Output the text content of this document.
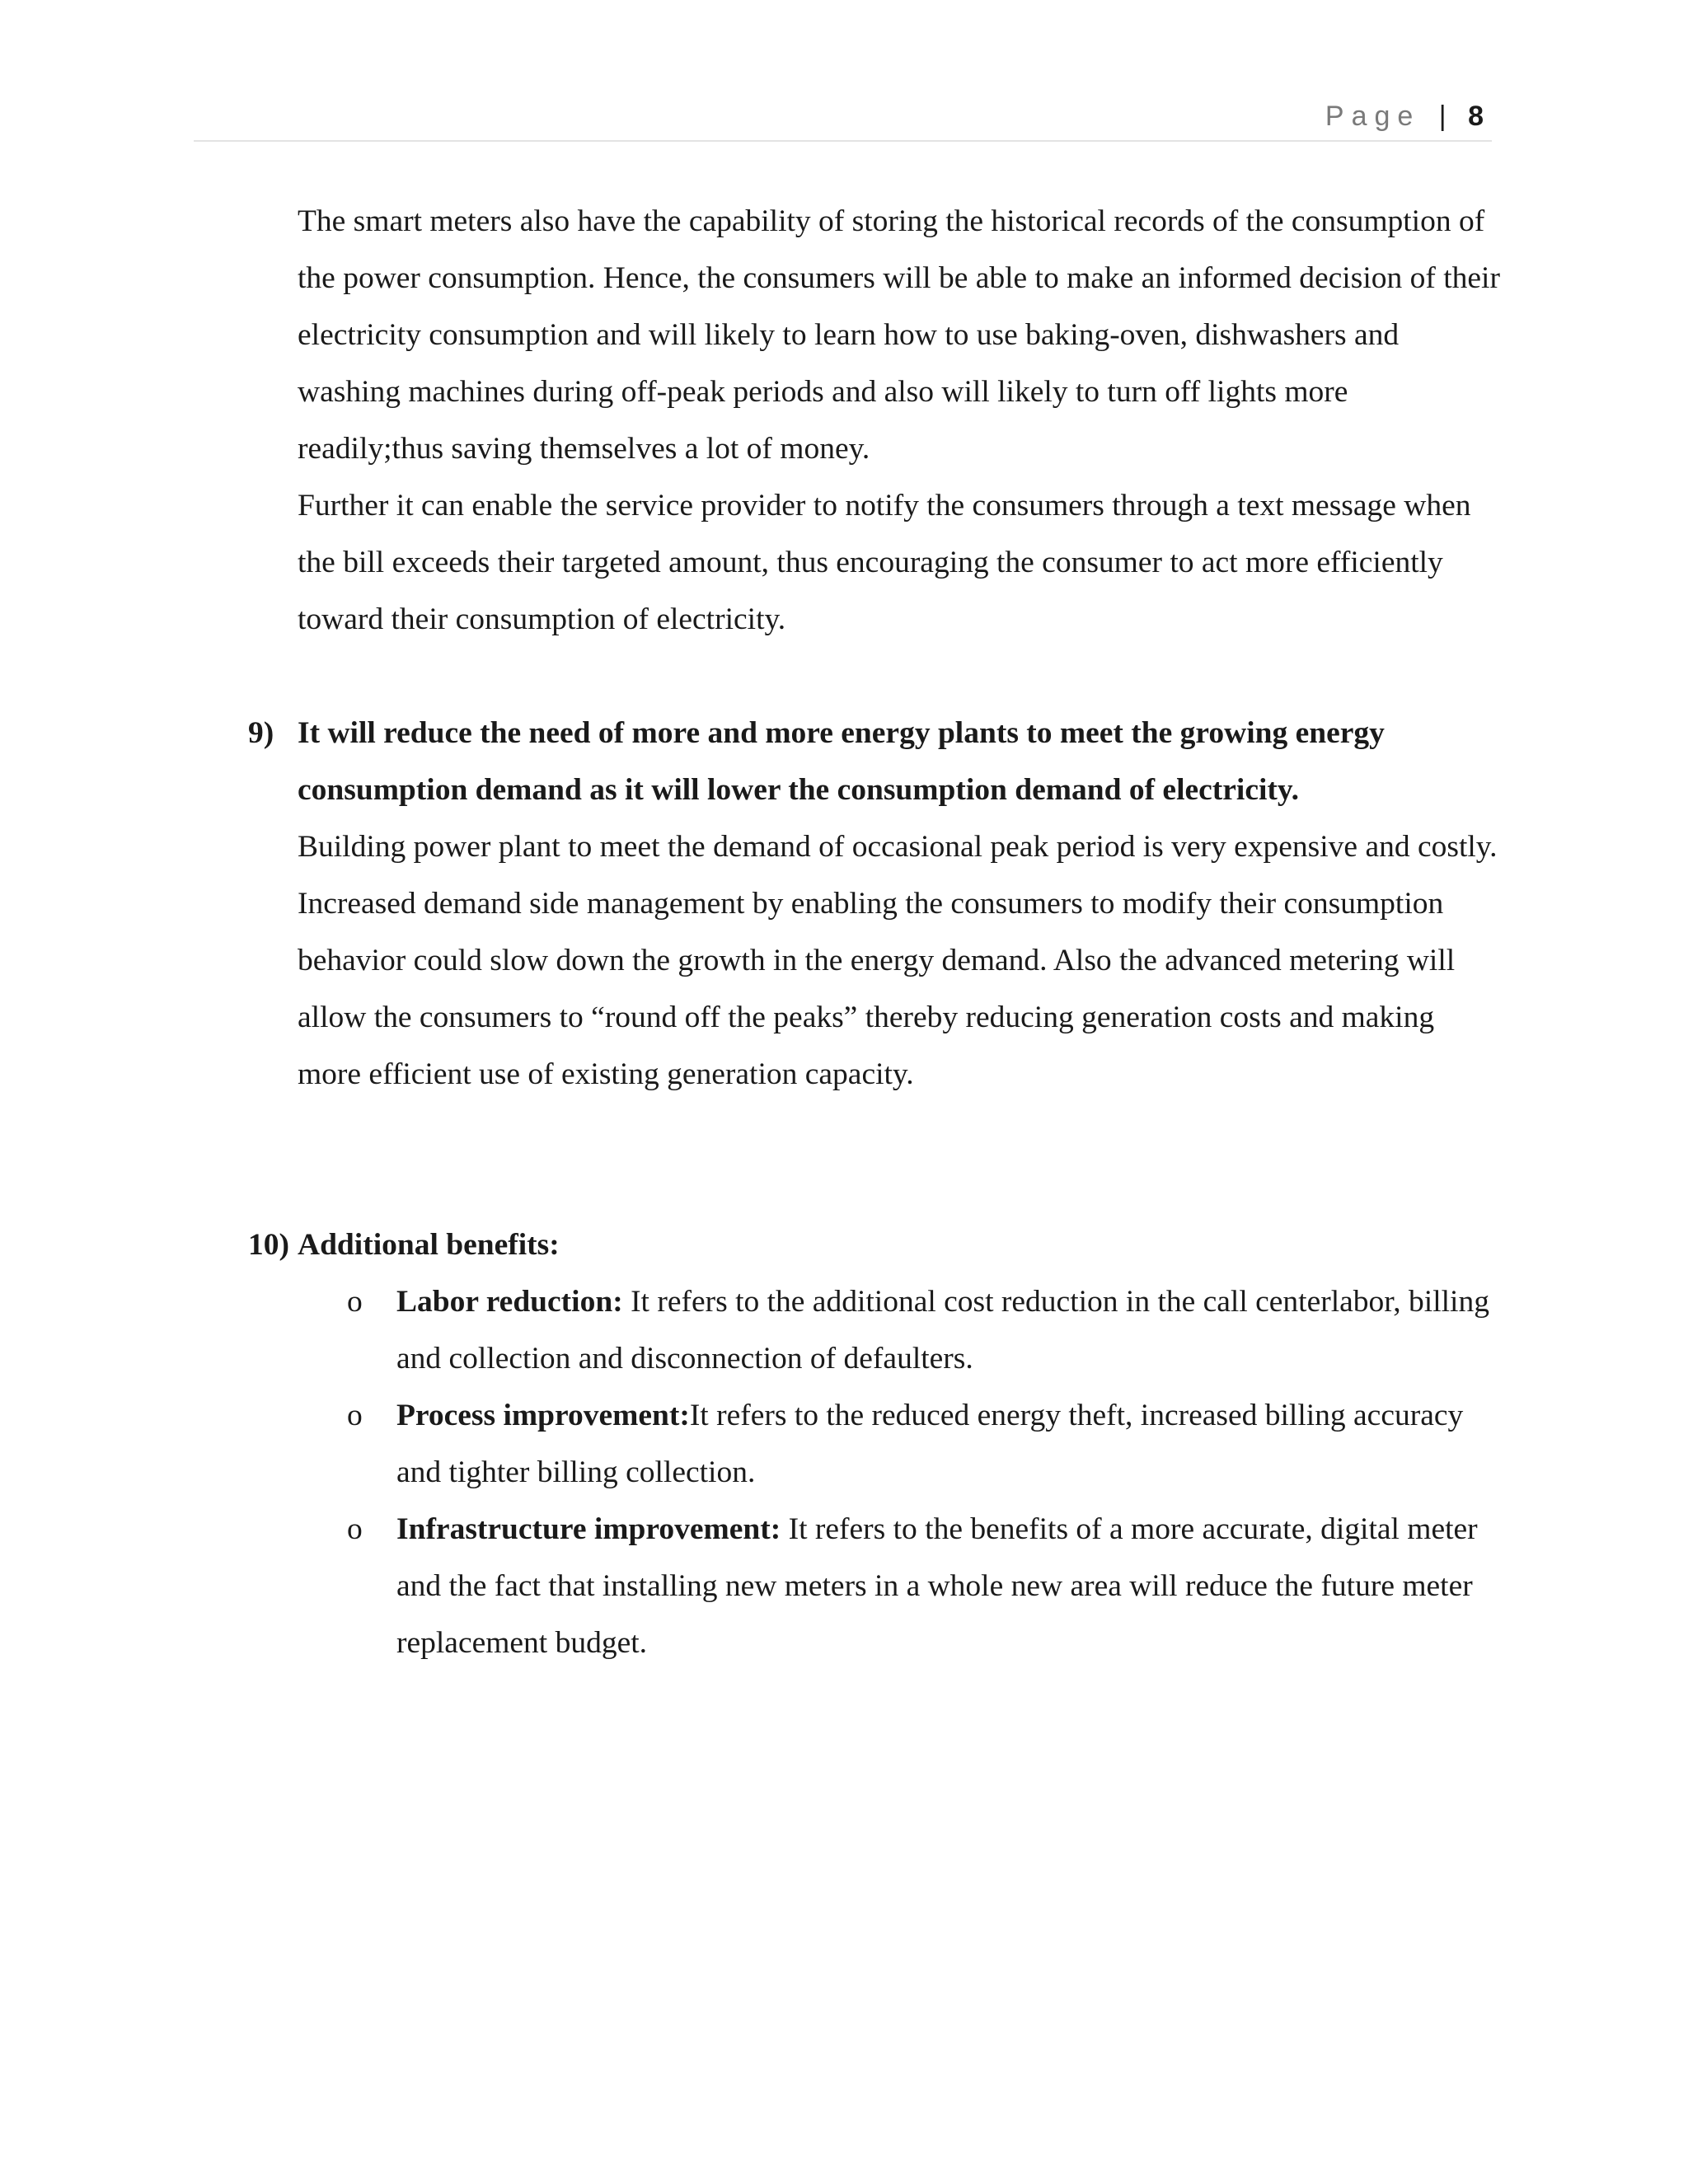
Page | 8

The smart meters also have the capability of storing the historical records of the consumption of the power consumption. Hence, the consumers will be able to make an informed decision of their electricity consumption and will likely to learn how to use baking-oven, dishwashers and washing machines during off-peak periods and also will likely to turn off lights more readily;thus saving themselves a lot of money.

Further it can enable the service provider to notify the consumers through a text message when the bill exceeds their targeted amount, thus encouraging the consumer to act more efficiently toward their consumption of electricity.

9) It will reduce the need of more and more energy plants to meet the growing energy consumption demand as it will lower the consumption demand of electricity.

Building power plant to meet the demand of occasional peak period is very expensive and costly. Increased demand side management by enabling the consumers to modify their consumption behavior could slow down the growth in the energy demand. Also the advanced metering will allow the consumers to “round off the peaks” thereby reducing generation costs and making more efficient use of existing generation capacity.

10) Additional benefits:

o Labor reduction: It refers to the additional cost reduction in the call centerlabor, billing and collection and disconnection of defaulters.
o Process improvement:It refers to the reduced energy theft, increased billing accuracy and tighter billing collection.
o Infrastructure improvement: It refers to the benefits of a more accurate, digital meter and the fact that installing new meters in a whole new area will reduce the future meter replacement budget.
